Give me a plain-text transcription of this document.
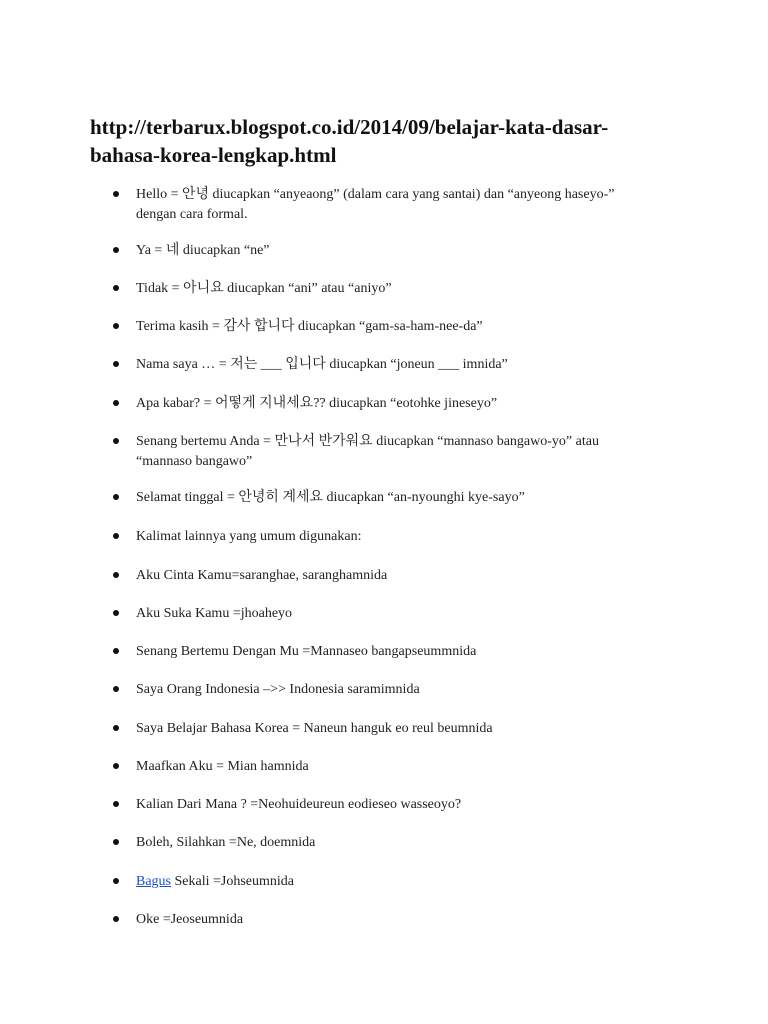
http://terbarux.blogspot.co.id/2014/09/belajar-kata-dasar-
bahasa-korea-lengkap.html
Hello = 안녕 diucapkan “anyeaong” (dalam cara yang santai) dan “anyeong haseyo-”
dengan cara formal.
Ya = 네 diucapkan “ne”
Tidak = 아니요 diucapkan “ani” atau “aniyo”
Terima kasih = 감사 합니다 diucapkan “gam-sa-ham-nee-da”
Nama saya … = 저는 ___ 입니다 diucapkan “joneun ___ imnida”
Apa kabar? = 어떻게 지내세요?? diucapkan “eotohke jineseyo”
Senang bertemu Anda = 만나서 반가워요 diucapkan “mannaso bangawo-yo” atau
“mannaso bangawo”
Selamat tinggal = 안녕히 계세요 diucapkan “an-nyounghi kye-sayo”
Kalimat lainnya yang umum digunakan:
Aku Cinta Kamu=saranghae, saranghamnida
Aku Suka Kamu =jhoaheyo
Senang Bertemu Dengan Mu =Mannaseo bangapseummnida
Saya Orang Indonesia –>> Indonesia saramimnida
Saya Belajar Bahasa Korea = Naneun hanguk eo reul beumnida
Maafkan Aku = Mian hamnida
Kalian Dari Mana ? =Neohuideureun eodieseo wasseoyo?
Boleh, Silahkan =Ne, doemnida
Bagus Sekali =Johseumnida
Oke =Jeoseumnida
